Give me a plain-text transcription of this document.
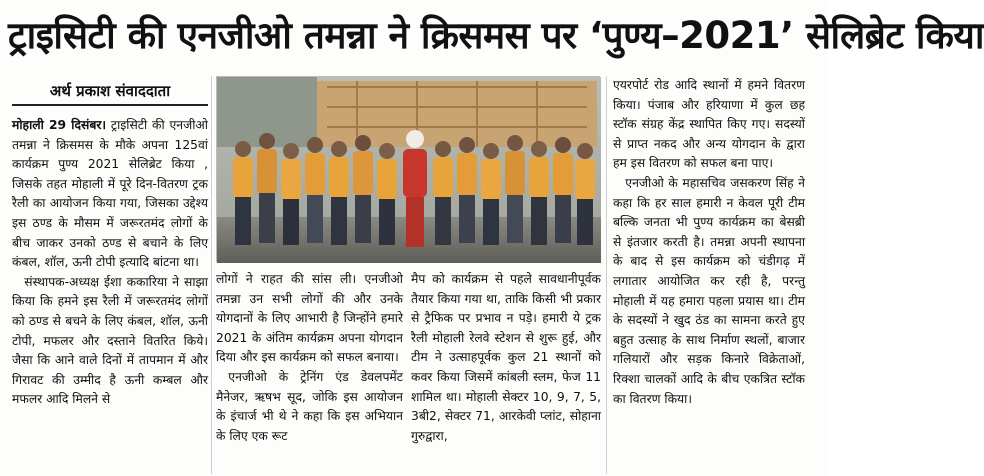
ट्राइसिटी की एनजीओ तमन्ना ने क्रिसमस पर ‘पुण्य–2021’ सेलिब्रेट किया
अर्थ प्रकाश संवाददाता

मोहाली 29 दिसंबर। ट्राइसिटी की एनजीओ तमन्ना ने क्रिसमस के मौके अपना 125वां कार्यक्रम पुण्य 2021 सेलिब्रेट किया , जिसके तहत मोहाली में पूरे दिन-वितरण ट्रक रैली का आयोजन किया गया, जिसका उद्देश्य इस ठण्ड के मौसम में जरूरतमंद लोगों के बीच जाकर उनको ठण्ड से बचाने के लिए कंबल, शॉल, ऊनी टोपी इत्यादि बांटना था।

 संस्थापक-अध्यक्ष ईशा ककारिया ने साझा किया कि हमने इस रैली में जरूरतमंद लोगों को ठण्ड से बचने के लिए कंबल, शॉल, ऊनी टोपी, मफलर और दस्ताने वितरित किये। जैसा कि आने वाले दिनों में तापमान में और गिरावट की उम्मीद है ऊनी कम्बल और मफलर आदि मिलने से

लोगों ने राहत की सांस ली। एनजीओ तमन्ना उन सभी लोगों की और उनके योगदानों के लिए आभारी है जिन्होंने हमारे 2021 के अंतिम कार्यक्रम अपना योगदान दिया और इस कार्यक्रम को सफल बनाया।

 एनजीओ के ट्रेनिंग एंड डेवलपमेंट मैनेजर, ऋषभ सूद, जोकि इस आयोजन के इंचार्ज भी थे ने कहा कि इस अभियान के लिए एक रूट

मैप को कार्यक्रम से पहले सावधानीपूर्वक तैयार किया गया था, ताकि किसी भी प्रकार से ट्रैफिक पर प्रभाव न पड़े। हमारी ये ट्रक रैली मोहाली रेलवे स्टेशन से शुरू हुई, और टीम ने उत्साहपूर्वक कुल 21 स्थानों को कवर किया जिसमें कांबली स्लम, फेज 11 शामिल था। मोहाली सेक्टर 10, 9, 7, 5, 3बी2, सेक्टर 71, आरकेवी प्लांट, सोहाना गुरुद्वारा,

एयरपोर्ट रोड आदि स्थानों में हमने वितरण किया। पंजाब और हरियाणा में कुल छह स्टॉक संग्रह केंद्र स्थापित किए गए। सदस्यों से प्राप्त नकद और अन्य योगदान के द्वारा हम इस वितरण को सफल बना पाए।

 एनजीओ के महासचिव जसकरण सिंह ने कहा कि हर साल हमारी न केवल पूरी टीम बल्कि जनता भी पुण्य कार्यक्रम का बेसब्री से इंतजार करती है। तमन्ना अपनी स्थापना के बाद से इस कार्यक्रम को चंडीगढ़ में लगातार आयोजित कर रही है, परन्तु मोहाली में यह हमारा पहला प्रयास था। टीम के सदस्यों ने खुद ठंड का सामना करते हुए बहुत उत्साह के साथ निर्माण स्थलों, बाजार गलियारों और सड़क किनारे विक्रेताओं, रिक्शा चालकों आदि के बीच एकत्रित स्टॉक का वितरण किया।
